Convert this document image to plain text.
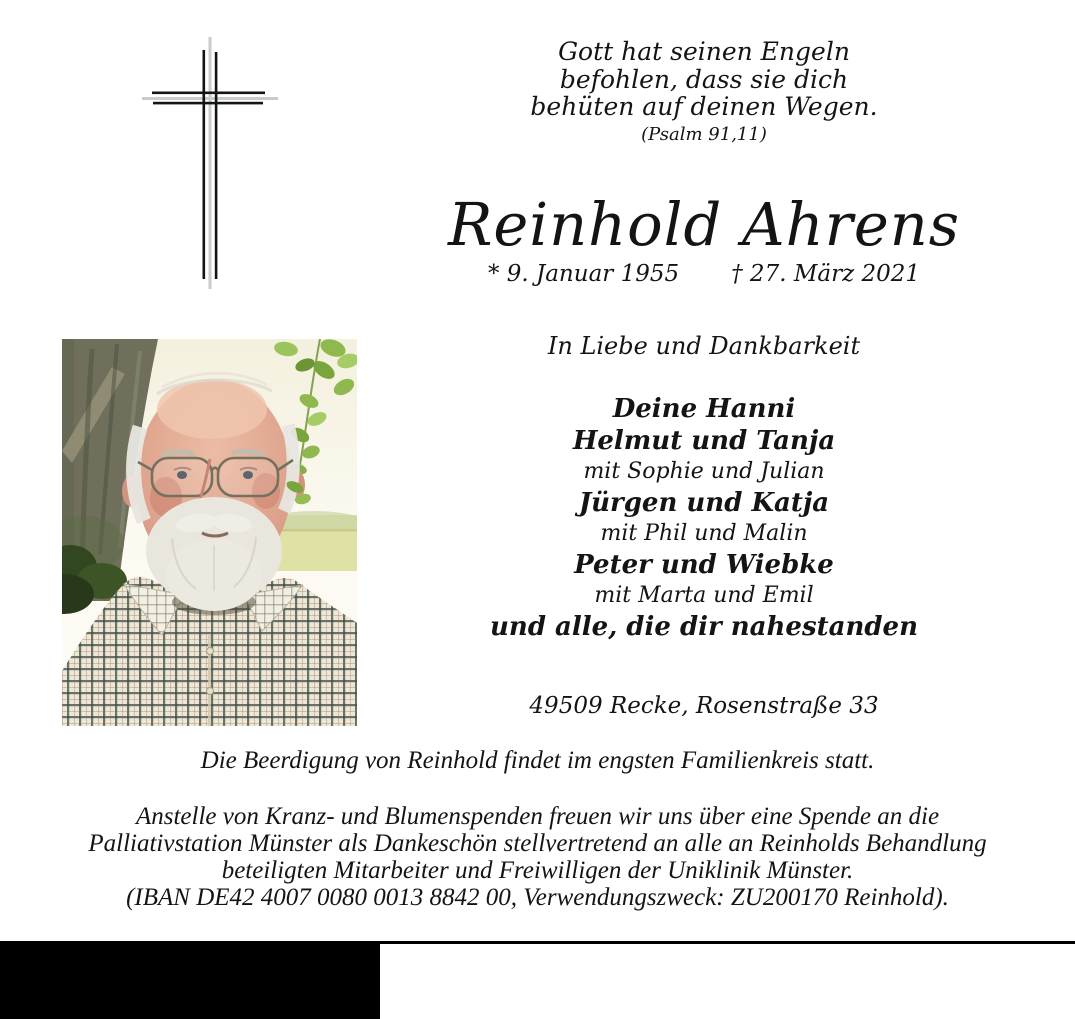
Gott hat seinen Engeln
befohlen, dass sie dich
behüten auf deinen Wegen.
(Psalm 91,11)
Reinhold Ahrens
* 9. Januar 1955 † 27. März 2021
In Liebe und Dankbarkeit
Deine Hanni
Helmut und Tanja
mit Sophie und Julian
Jürgen und Katja
mit Phil und Malin
Peter und Wiebke
mit Marta und Emil
und alle, die dir nahestanden
49509 Recke, Rosenstraße 33
Die Beerdigung von Reinhold findet im engsten Familienkreis statt.
Anstelle von Kranz- und Blumenspenden freuen wir uns über eine Spende an die
Palliativstation Münster als Dankeschön stellvertretend an alle an Reinholds Behandlung
beteiligten Mitarbeiter und Freiwilligen der Uniklinik Münster.
(IBAN DE42 4007 0080 0013 8842 00, Verwendungszweck: ZU200170 Reinhold).
